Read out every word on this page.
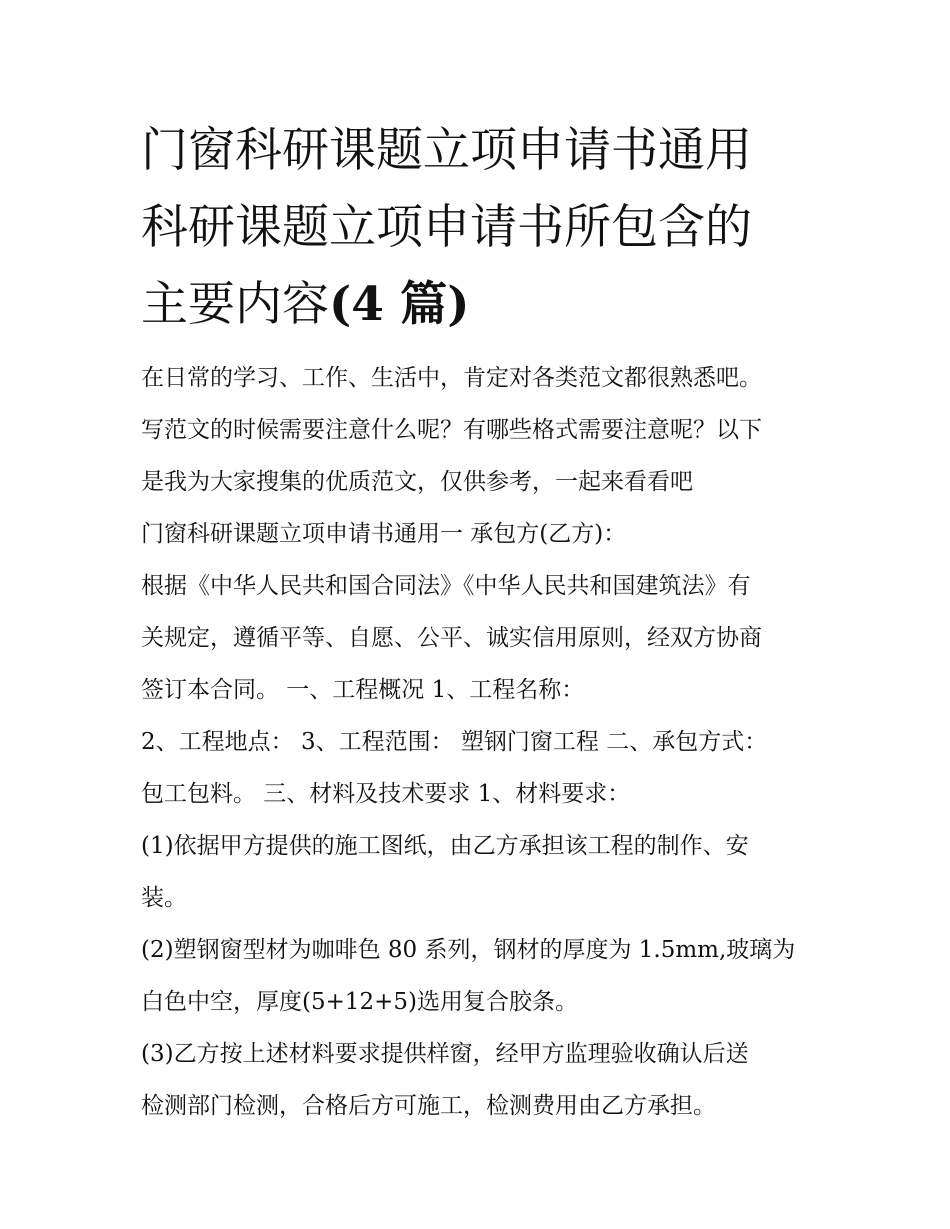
门窗科研课题立项申请书通用
科研课题立项申请书所包含的
主要内容(4 篇)
在日常的学习、工作、生活中，肯定对各类范文都很熟悉吧。
写范文的时候需要注意什么呢？有哪些格式需要注意呢？以下
是我为大家搜集的优质范文，仅供参考，一起来看看吧
门窗科研课题立项申请书通用一 承包方(乙方)：
根据《中华人民共和国合同法》《中华人民共和国建筑法》有
关规定，遵循平等、自愿、公平、诚实信用原则，经双方协商
签订本合同。 一、工程概况 1、工程名称：
2、工程地点： 3、工程范围： 塑钢门窗工程 二、承包方式：
包工包料。 三、材料及技术要求 1、材料要求：
(1)依据甲方提供的施工图纸，由乙方承担该工程的制作、安
装。
(2)塑钢窗型材为咖啡色 80 系列，钢材的厚度为 1.5mm,玻璃为
白色中空，厚度(5+12+5)选用复合胶条。
(3)乙方按上述材料要求提供样窗，经甲方监理验收确认后送
检测部门检测，合格后方可施工，检测费用由乙方承担。
